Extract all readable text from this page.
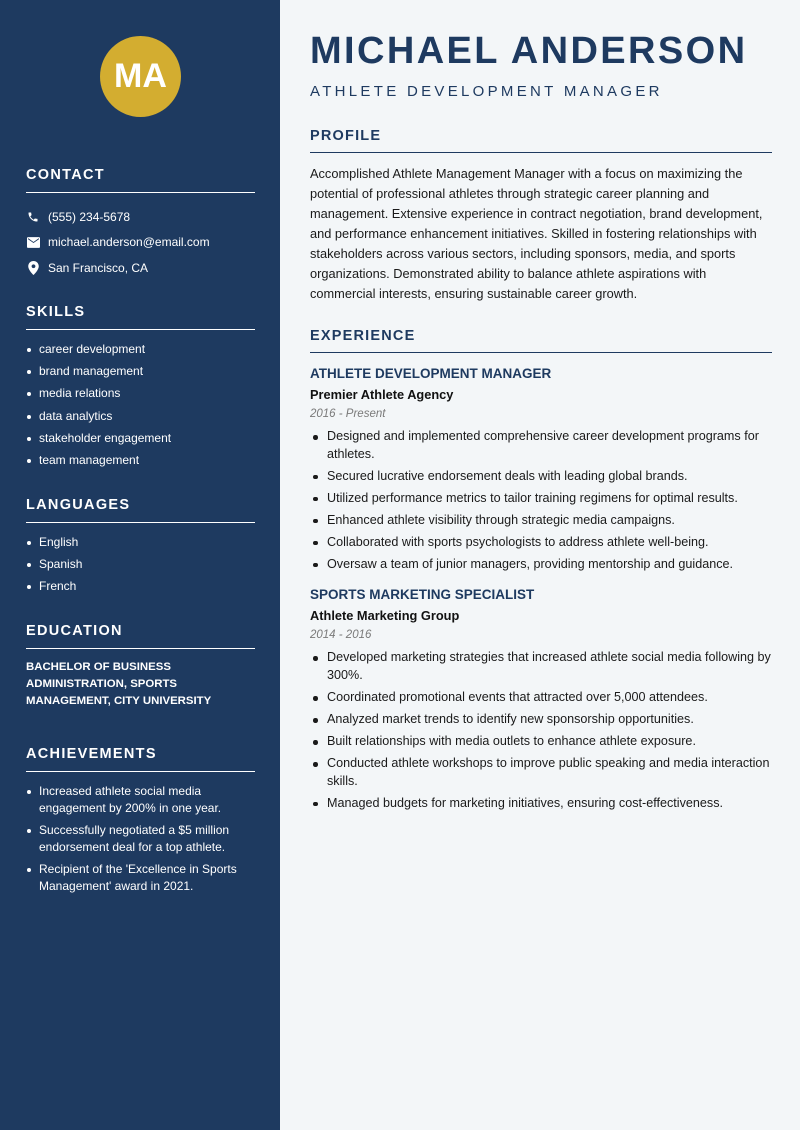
MA
CONTACT
(555) 234-5678
michael.anderson@email.com
San Francisco, CA
SKILLS
career development
brand management
media relations
data analytics
stakeholder engagement
team management
LANGUAGES
English
Spanish
French
EDUCATION
BACHELOR OF BUSINESS ADMINISTRATION, SPORTS MANAGEMENT, CITY UNIVERSITY
ACHIEVEMENTS
Increased athlete social media engagement by 200% in one year.
Successfully negotiated a $5 million endorsement deal for a top athlete.
Recipient of the 'Excellence in Sports Management' award in 2021.
MICHAEL ANDERSON
ATHLETE DEVELOPMENT MANAGER
PROFILE

Accomplished Athlete Management Manager with a focus on maximizing the potential of professional athletes through strategic career planning and management. Extensive experience in contract negotiation, brand development, and performance enhancement initiatives. Skilled in fostering relationships with stakeholders across various sectors, including sponsors, media, and sports organizations. Demonstrated ability to balance athlete aspirations with commercial interests, ensuring sustainable career growth.

EXPERIENCE
ATHLETE DEVELOPMENT MANAGER
Premier Athlete Agency
2016 - Present
Designed and implemented comprehensive career development programs for athletes.
Secured lucrative endorsement deals with leading global brands.
Utilized performance metrics to tailor training regimens for optimal results.
Enhanced athlete visibility through strategic media campaigns.
Collaborated with sports psychologists to address athlete well-being.
Oversaw a team of junior managers, providing mentorship and guidance.
SPORTS MARKETING SPECIALIST
Athlete Marketing Group
2014 - 2016
Developed marketing strategies that increased athlete social media following by 300%.
Coordinated promotional events that attracted over 5,000 attendees.
Analyzed market trends to identify new sponsorship opportunities.
Built relationships with media outlets to enhance athlete exposure.
Conducted athlete workshops to improve public speaking and media interaction skills.
Managed budgets for marketing initiatives, ensuring cost-effectiveness.
